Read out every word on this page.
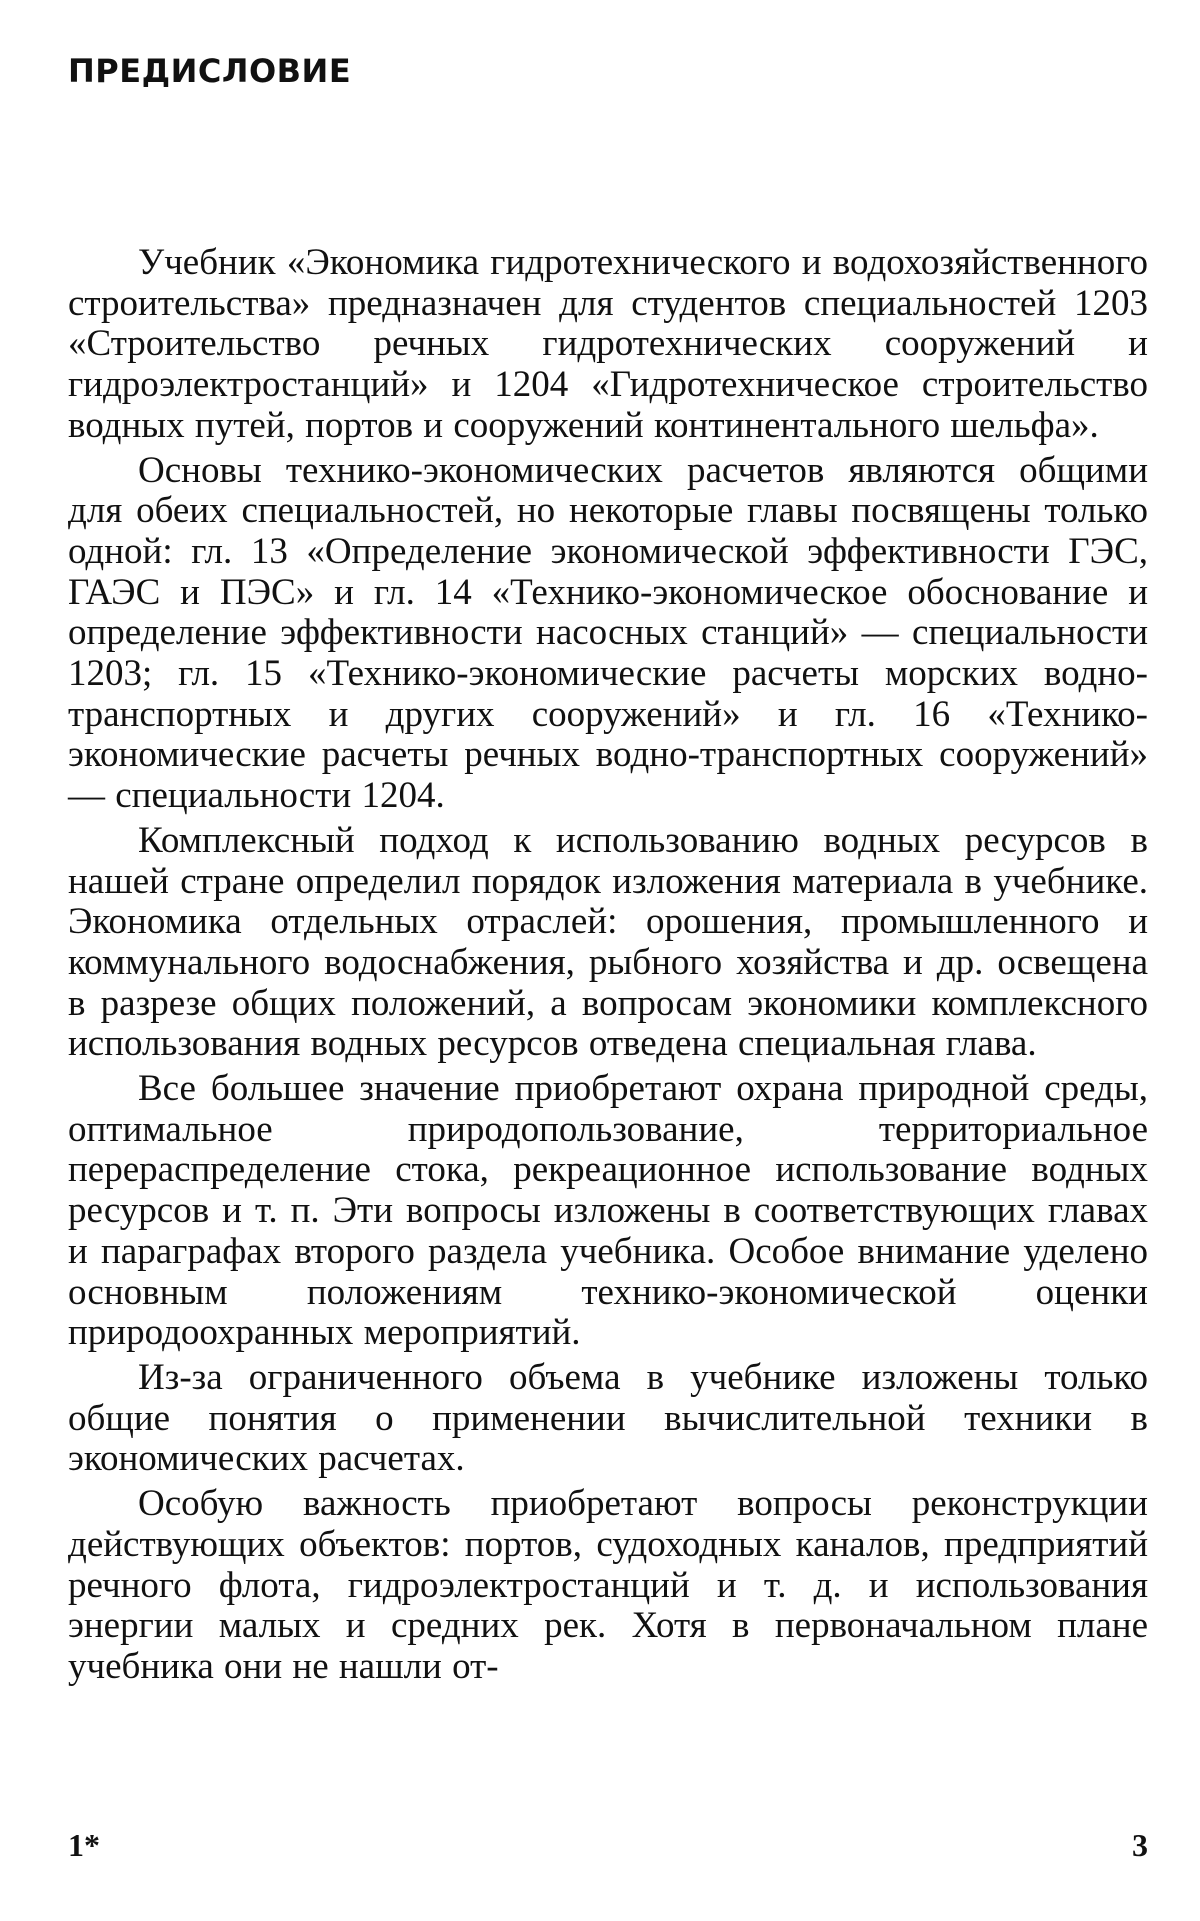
ПРЕДИСЛОВИЕ

Учебник «Экономика гидротехнического и водохозяйственного строительства» предназначен для студентов специальностей 1203 «Строительство речных гидротехнических сооружений и гидроэлектростанций» и 1204 «Гидротехническое строительство водных путей, портов и сооружений континентального шельфа».

Основы технико-экономических расчетов являются общими для обеих специальностей, но некоторые главы посвящены только одной: гл. 13 «Определение экономической эффективности ГЭС, ГАЭС и ПЭС» и гл. 14 «Технико-экономическое обоснование и определение эффективности насосных станций» — специальности 1203; гл. 15 «Технико-экономические расчеты морских водно-транспортных и других сооружений» и гл. 16 «Технико-экономические расчеты речных водно-транспортных сооружений» — специальности 1204.

Комплексный подход к использованию водных ресурсов в нашей стране определил порядок изложения материала в учебнике. Экономика отдельных отраслей: орошения, промышленного и коммунального водоснабжения, рыбного хозяйства и др. освещена в разрезе общих положений, а вопросам экономики комплексного использования водных ресурсов отведена специальная глава.

Все большее значение приобретают охрана природной среды, оптимальное природопользование, территориальное перераспределение стока, рекреационное использование водных ресурсов и т. п. Эти вопросы изложены в соответствующих главах и параграфах второго раздела учебника. Особое внимание уделено основным положениям технико-экономической оценки природоохранных мероприятий.

Из-за ограниченного объема в учебнике изложены только общие понятия о применении вычислительной техники в экономических расчетах.

Особую важность приобретают вопросы реконструкции действующих объектов: портов, судоходных каналов, предприятий речного флота, гидроэлектростанций и т. д. и использования энергии малых и средних рек. Хотя в первоначальном плане учебника они не нашли от-

1*	3
